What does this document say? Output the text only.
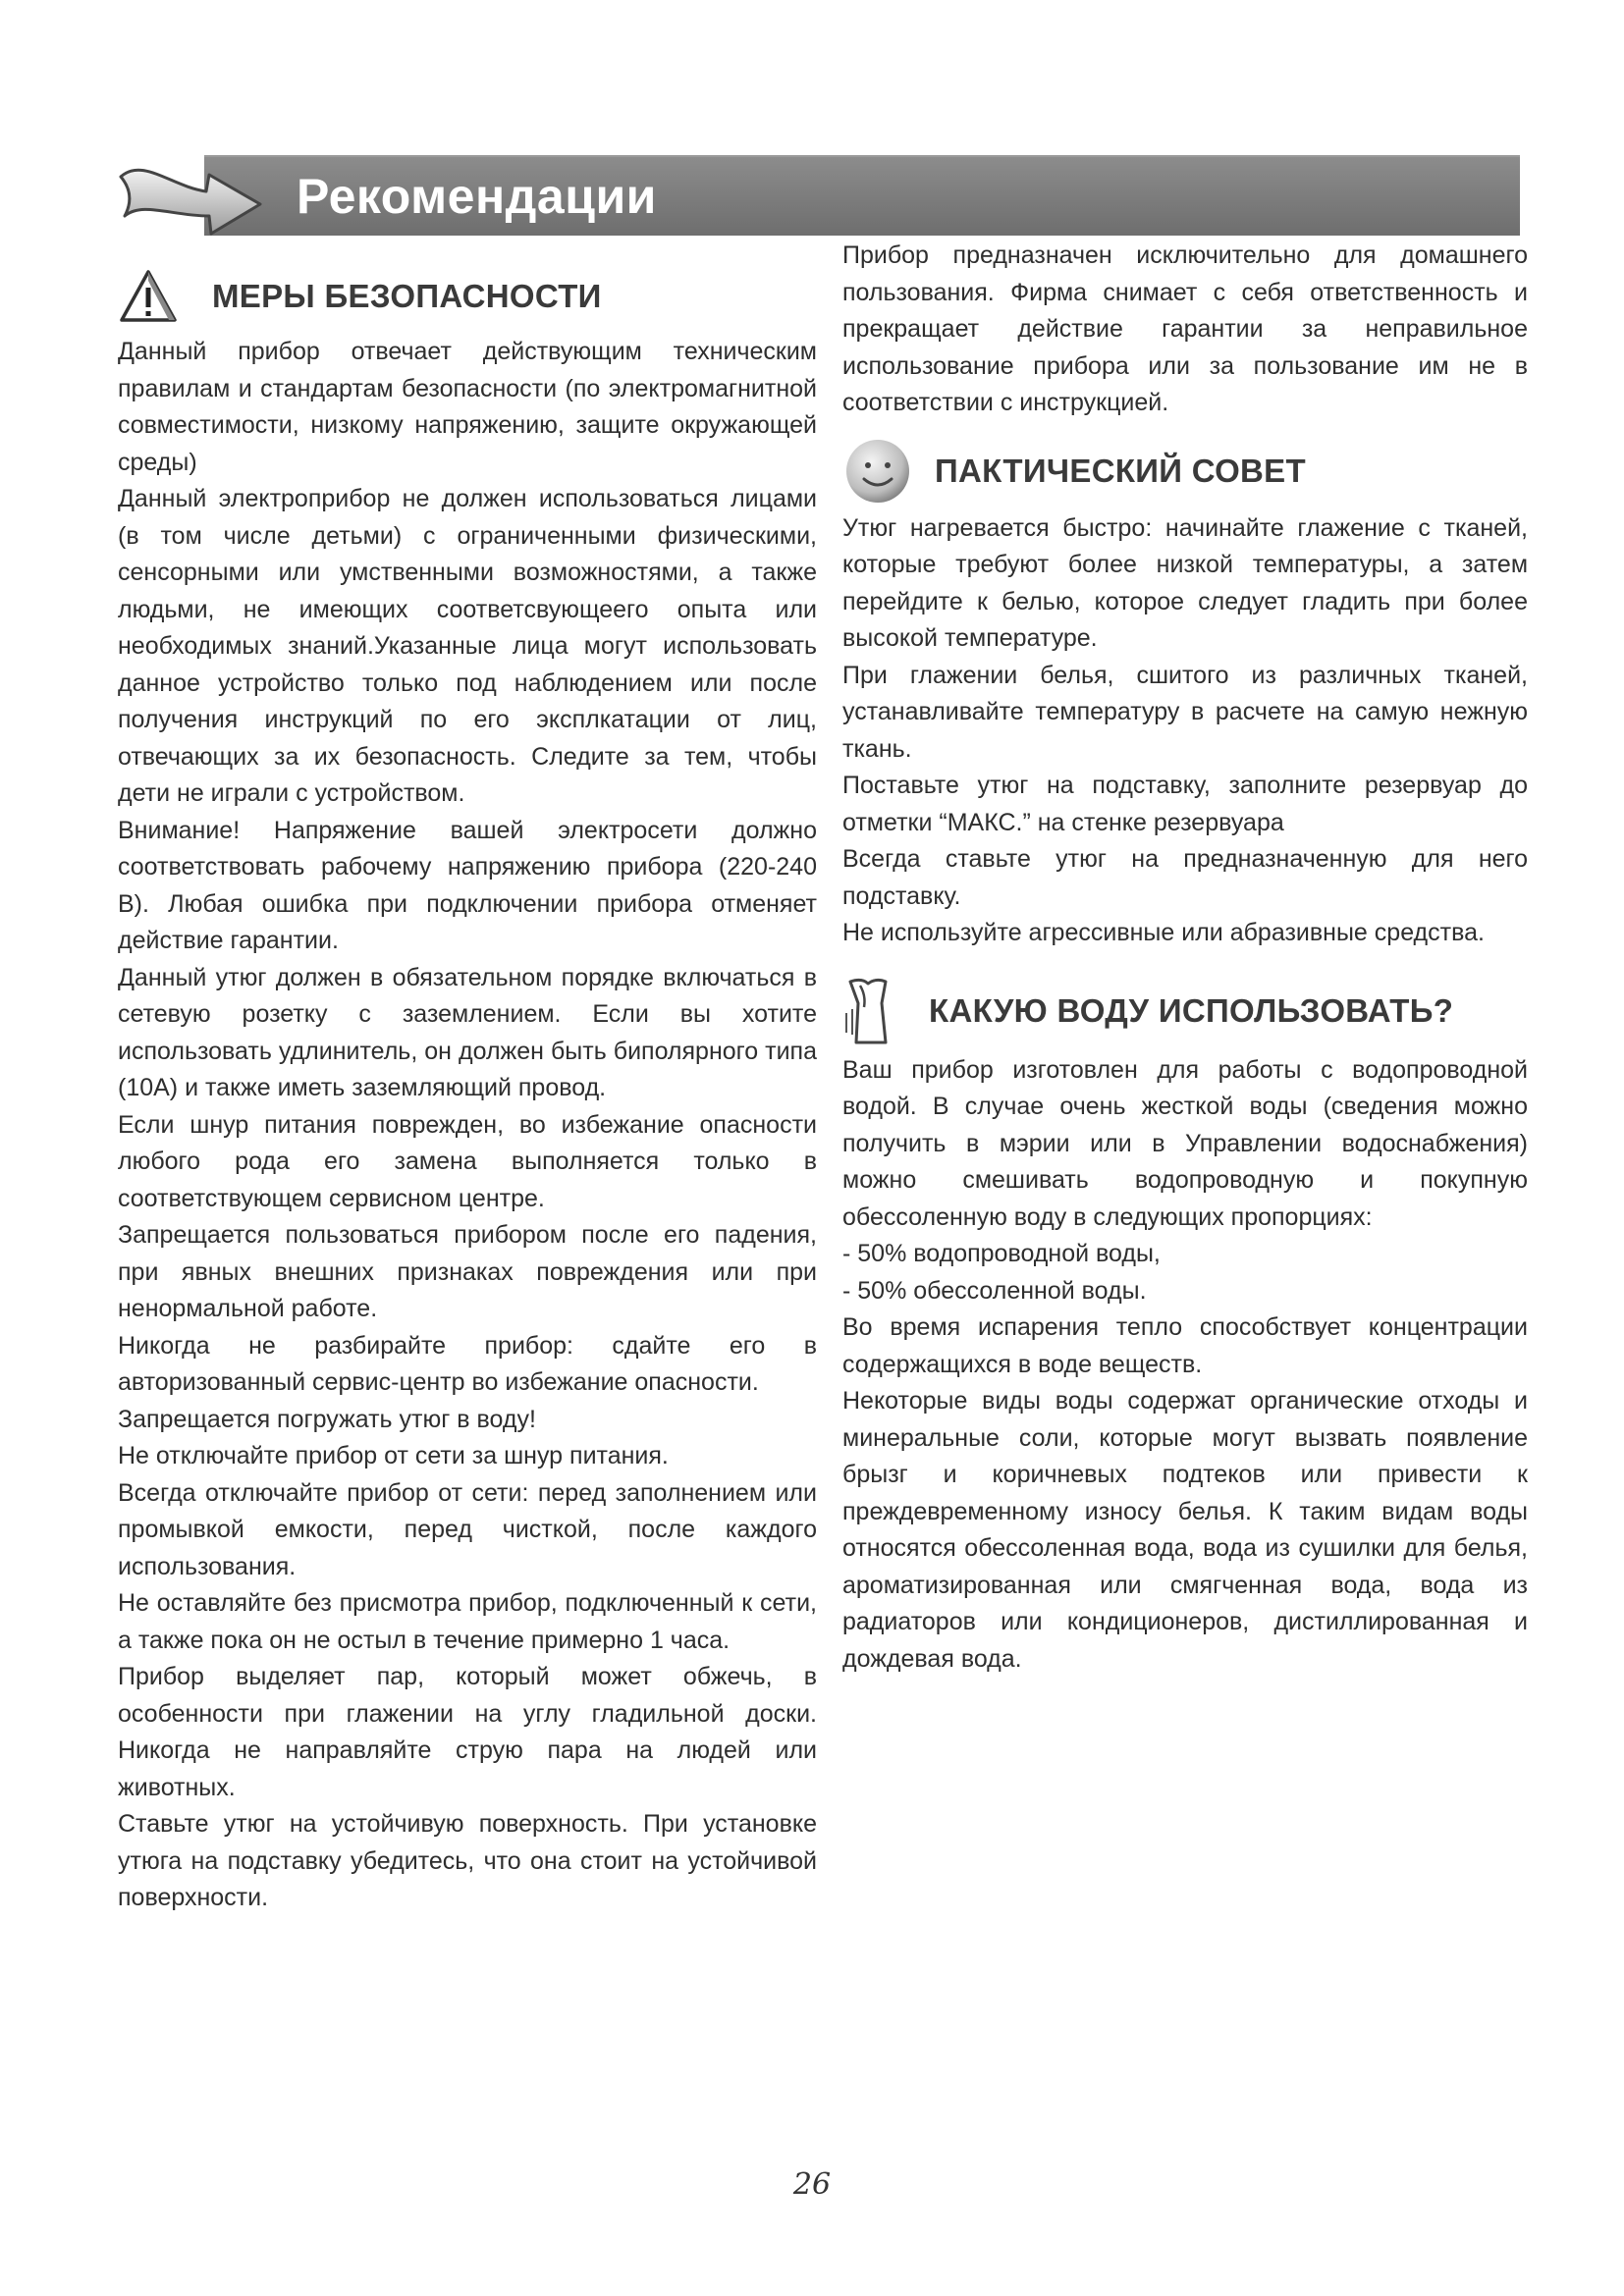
Рекомендации
МЕРЫ БЕЗОПАСНОСТИ

Данный прибор отвечает действующим техническим правилам и стандартам безопасности (по электромагнитной совместимости, низкому напряжению, защите окружающей среды)

Данный электроприбор не должен использоваться лицами (в том числе детьми) с ограниченными физическими, сенсорными или умственными возможностями, а также людьми, не имеющих соответсвующеего опыта или необходимых знаний.Указанные лица могут использовать данное устройство только под наблюдением или после получения инструкций по его эксплкатации от лиц, отвечающих за их безопасноcть. Следите за тем, чтобы дети не играли с устройством.

Внимание! Напряжение вашей электросети должно соответствовать рабочему напряжению прибора (220-240 В). Любая ошибка при подключении прибора отменяет действие гарантии.

Данный утюг должен в обязательном порядке включаться в сетевую розетку с заземлением. Если вы хотите использовать удлинитель, он должен быть биполярного типа (10А) и также иметь заземляющий провод.

Если шнур питания поврежден, во избежание опасности любого рода его замена выполняется только в соответствующем сервисном центре.

Запрещается пользоваться прибором после его падения, при явных внешних признаках повреждения или при ненормальной работе.

Никогда не разбирайте прибор: сдайте его в авторизованный сервис-центр во избежание опасности.

Запрещается погружать утюг в воду!

Не отключайте прибор от сети за шнур питания.

Всегда отключайте прибор от сети: перед заполнением или промывкой емкости, перед чисткой, после каждого использования.

Не оставляйте без присмотра прибор, подключенный к сети, а также пока он не остыл в течение примерно 1 часа.

Прибор выделяет пар, который может обжечь, в особенности при глажении на углу гладильной доски. Никогда не направляйте струю пара на людей или животных.

Ставьте утюг на устойчивую поверхность. При установке утюга на подставку убедитесь, что она стоит на устойчивой поверхности.

Прибор предназначен исключительно для домашнего пользования. Фирма снимает с себя ответственность и прекращает действие гарантии за неправильное использование прибора или за пользование им не в соответствии с инструкцией.

ПАКТИЧЕСКИЙ СОВЕТ

Утюг нагревается быстро: начинайте глажение с тканей, которые требуют более низкой температуры, а затем перейдите к белью, которое следует гладить при более высокой температуре.

При глажении белья, сшитого из различных тканей, устанавливайте температуру в расчете на самую нежную ткань.

Поставьте утюг на подставку, заполните резервуар до отметки “МАКС.” на стенке резервуара

Всегда ставьте утюг на предназначенную для него подставку.

Не используйте агрессивные или абразивные средства.

КАКУЮ ВОДУ ИСПОЛЬЗОВАТЬ?

Ваш прибор изготовлен для работы с водопроводной водой. В случае очень жесткой воды (сведения можно получить в мэрии или в Управлении водоснабжения) можно смешивать водопроводную и покупную обессоленную воду в следующих пропорциях:

- 50% водопроводной воды,

- 50% обессоленной воды.

Во время испарения тепло способствует концентрации содержащихся в воде веществ.

Некоторые виды воды содержат органические отходы и минеральные соли, которые могут вызвать появление брызг и коричневых подтеков или привести к преждевременному износу белья. К таким видам воды относятся обессоленная вода, вода из сушилки для белья, ароматизированная или смягченная вода, вода из радиаторов или кондиционеров, дистиллированная и дождевая вода.

26
